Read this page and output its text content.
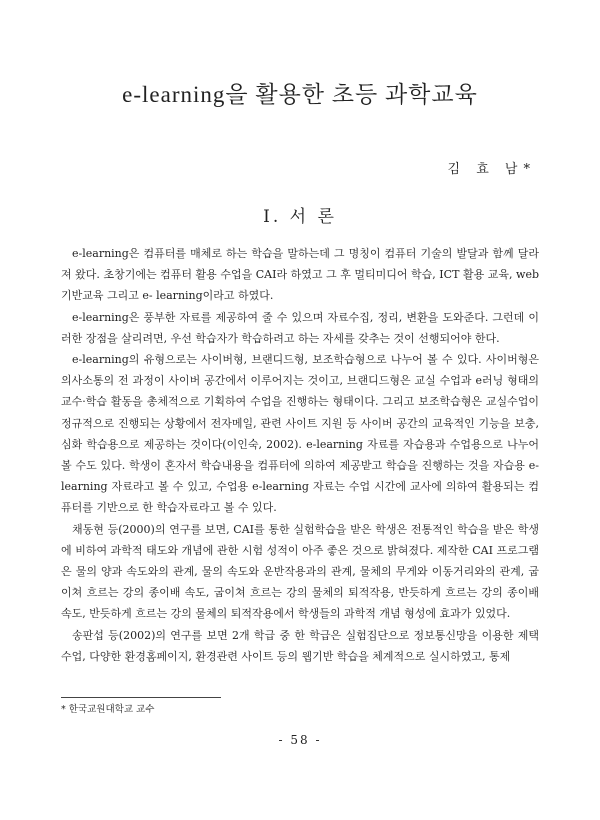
e-learning을 활용한 초등 과학교육
김 효 남*
Ⅰ. 서 론

e-learning은 컴퓨터를 매체로 하는 학습을 말하는데 그 명칭이 컴퓨터 기술의 발달과 함께 달라져 왔다. 초창기에는 컴퓨터 활용 수업을 CAI라 하였고 그 후 멀티미디어 학습, ICT 활용 교육, web 기반교육 그리고 e- learning이라고 하였다.

e-learning은 풍부한 자료를 제공하여 줄 수 있으며 자료수집, 정리, 변환을 도와준다. 그런데 이러한 장점을 살리려면, 우선 학습자가 학습하려고 하는 자세를 갖추는 것이 선행되어야 한다.

e-learning의 유형으로는 사이버형, 브랜디드형, 보조학습형으로 나누어 볼 수 있다. 사이버형은 의사소통의 전 과정이 사이버 공간에서 이루어지는 것이고, 브랜디드형은 교실 수업과 e러닝 형태의 교수·학습 활동을 총체적으로 기획하여 수업을 진행하는 형태이다. 그리고 보조학습형은 교실수업이 정규적으로 진행되는 상황에서 전자메일, 관련 사이트 지원 등 사이버 공간의 교육적인 기능을 보충, 심화 학습용으로 제공하는 것이다(이인숙, 2002). e-learning 자료를 자습용과 수업용으로 나누어 볼 수도 있다. 학생이 혼자서 학습내용을 컴퓨터에 의하여 제공받고 학습을 진행하는 것을 자습용 e-learning 자료라고 볼 수 있고, 수업용 e-learning 자료는 수업 시간에 교사에 의하여 활용되는 컴퓨터를 기반으로 한 학습자료라고 볼 수 있다.

채동현 등(2000)의 연구를 보면, CAI를 통한 실험학습을 받은 학생은 전통적인 학습을 받은 학생에 비하여 과학적 태도와 개념에 관한 시험 성적이 아주 좋은 것으로 밝혀졌다. 제작한 CAI 프로그램은 물의 양과 속도와의 관계, 물의 속도와 운반작용과의 관계, 물체의 무게와 이동거리와의 관계, 굽이쳐 흐르는 강의 종이배 속도, 굽이쳐 흐르는 강의 물체의 퇴적작용, 반듯하게 흐르는 강의 종이배 속도, 반듯하게 흐르는 강의 물체의 퇴적작용에서 학생들의 과학적 개념 형성에 효과가 있었다.

송판섭 등(2002)의 연구를 보면 2개 학급 중 한 학급은 실험집단으로 정보통신망을 이용한 제택수업, 다양한 환경홈페이지, 환경관련 사이트 등의 웹기반 학습을 체계적으로 실시하였고, 통제

* 한국교원대학교 교수
- 58 -
